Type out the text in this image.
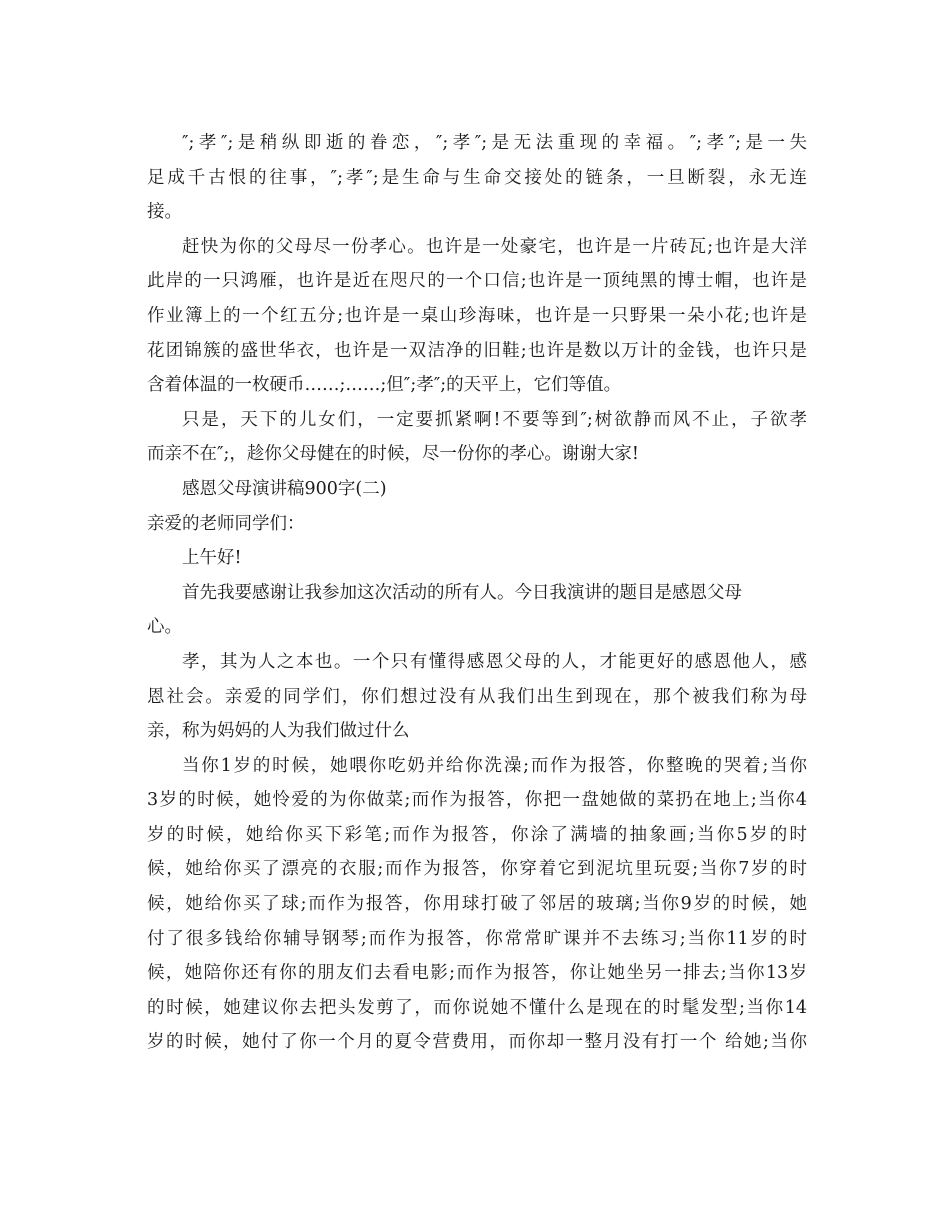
″;孝″;是稍纵即逝的眷恋，″;孝″;是无法重现的幸福。″;孝″;是一失
足成千古恨的往事，″;孝″;是生命与生命交接处的链条，一旦断裂，永无连
接。
赶快为你的父母尽一份孝心。也许是一处豪宅，也许是一片砖瓦;也许是大洋
此岸的一只鸿雁，也许是近在咫尺的一个口信;也许是一顶纯黑的博士帽，也许是
作业簿上的一个红五分;也许是一桌山珍海味，也许是一只野果一朵小花;也许是
花团锦簇的盛世华衣，也许是一双洁净的旧鞋;也许是数以万计的金钱，也许只是
含着体温的一枚硬币……;……;但″;孝″;的天平上，它们等值。
只是，天下的儿女们，一定要抓紧啊!不要等到″;树欲静而风不止，子欲孝
而亲不在″;，趁你父母健在的时候，尽一份你的孝心。谢谢大家!
感恩父母演讲稿900字(二)
亲爱的老师同学们：
上午好!
首先我要感谢让我参加这次活动的所有人。今日我演讲的题目是感恩父母
心。
孝，其为人之本也。一个只有懂得感恩父母的人，才能更好的感恩他人，感
恩社会。亲爱的同学们，你们想过没有从我们出生到现在，那个被我们称为母
亲，称为妈妈的人为我们做过什么
当你1岁的时候，她喂你吃奶并给你洗澡;而作为报答，你整晚的哭着;当你
3岁的时候，她怜爱的为你做菜;而作为报答，你把一盘她做的菜扔在地上;当你4
岁的时候，她给你买下彩笔;而作为报答，你涂了满墙的抽象画;当你5岁的时
候，她给你买了漂亮的衣服;而作为报答，你穿着它到泥坑里玩耍;当你7岁的时
候，她给你买了球;而作为报答，你用球打破了邻居的玻璃;当你9岁的时候，她
付了很多钱给你辅导钢琴;而作为报答，你常常旷课并不去练习;当你11岁的时
候，她陪你还有你的朋友们去看电影;而作为报答，你让她坐另一排去;当你13岁
的时候，她建议你去把头发剪了，而你说她不懂什么是现在的时髦发型;当你14
岁的时候，她付了你一个月的夏令营费用，而你却一整月没有打一个 给她;当你
